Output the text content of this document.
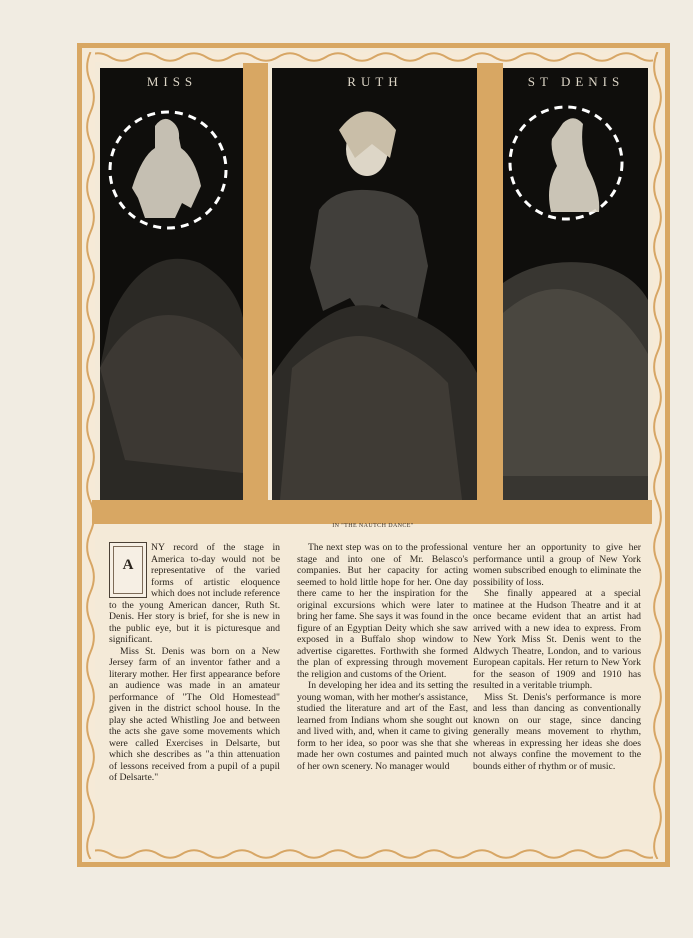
MISS	RUTH	ST DENIS
IN "THE NAUTCH DANCE"
A

NY record of the stage in America to-day would not be representative of the varied forms of artistic eloquence which does not include reference to the young American dancer, Ruth St. Denis. Her story is brief, for she is new in the public eye, but it is picturesque and significant.

Miss St. Denis was born on a New Jersey farm of an inventor father and a literary mother. Her first appearance before an audience was made in an amateur performance of "The Old Homestead" given in the district school house. In the play she acted Whistling Joe and between the acts she gave some movements which were called Exercises in Delsarte, but which she describes as "a thin attenuation of lessons received from a pupil of a pupil of Delsarte."

The next step was on to the professional stage and into one of Mr. Belasco's companies. But her capacity for acting seemed to hold little hope for her. One day there came to her the inspiration for the original excursions which were later to bring her fame. She says it was found in the figure of an Egyptian Deity which she saw exposed in a Buffalo shop window to advertise cigarettes. Forthwith she formed the plan of expressing through movement the religion and customs of the Orient.

In developing her idea and its setting the young woman, with her mother's assistance, studied the literature and art of the East, learned from Indians whom she sought out and lived with, and, when it came to giving form to her idea, so poor was she that she made her own costumes and painted much of her own scenery. No manager would

venture her an opportunity to give her performance until a group of New York women subscribed enough to eliminate the possibility of loss.

She finally appeared at a special matinee at the Hudson Theatre and it at once became evident that an artist had arrived with a new idea to express. From New York Miss St. Denis went to the Aldwych Theatre, London, and to various European capitals. Her return to New York for the season of 1909 and 1910 has resulted in a veritable triumph.

Miss St. Denis's performance is more and less than dancing as conventionally known on our stage, since dancing generally means movement to rhythm, whereas in expressing her ideas she does not always confine the movement to the bounds either of rhythm or of music.
